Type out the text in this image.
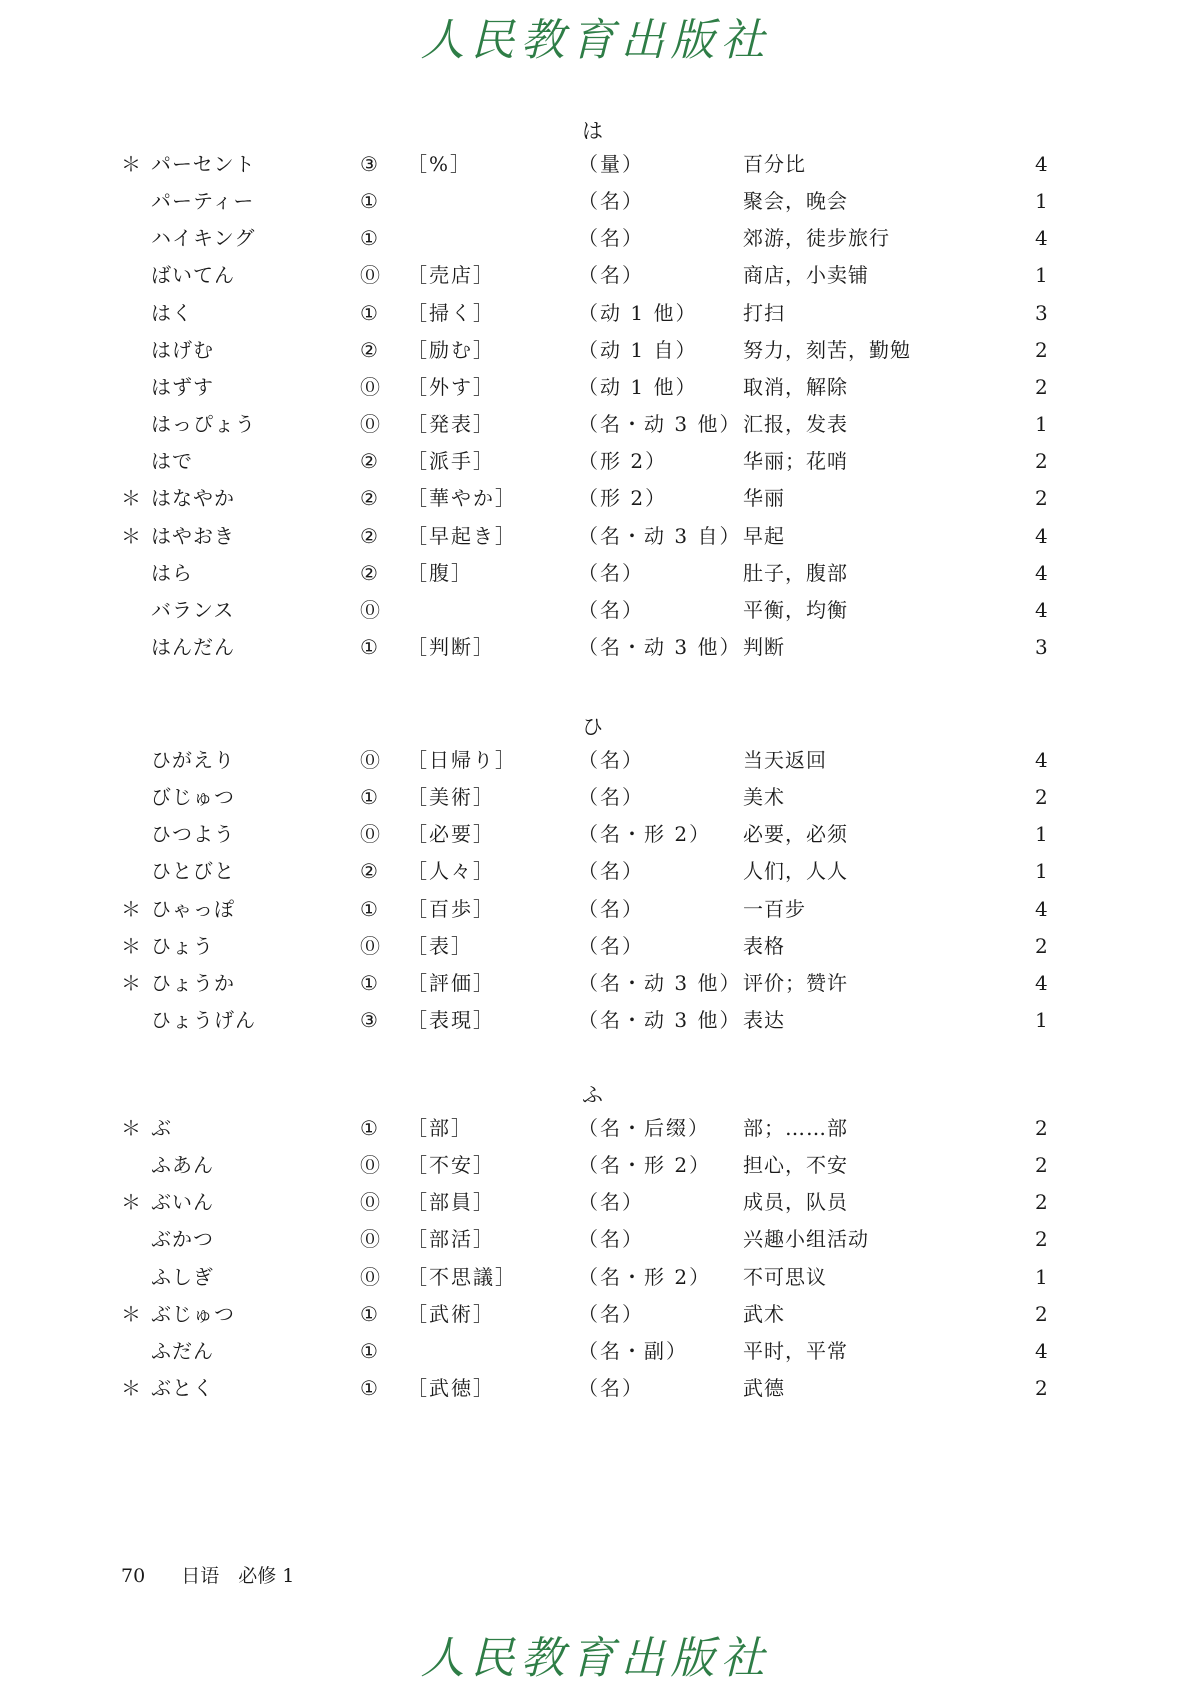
人民教育出版社
は
＊ パーセント	③ ［%］	（量）	百分比	4
パーティー	①	（名）	聚会，晚会	1
ハイキング	①	（名）	郊游，徒步旅行	4
ばいてん	⓪ ［売店］	（名）	商店，小卖铺	1
はく	① ［掃く］	（动 1 他） 打扫	3
はげむ	② ［励む］	（动 1 自） 努力，刻苦，勤勉	2
はずす	⓪ ［外す］	（动 1 他） 取消，解除	2
はっぴょう	⓪ ［発表］	（名・动 3 他） 汇报，发表	1
はで	② ［派手］	（形 2）	华丽；花哨	2
＊ はなやか	② ［華やか］	（形 2）	华丽	2
＊ はやおき	② ［早起き］	（名・动 3 自） 早起	4
はら	② ［腹］	（名）	肚子，腹部	4
バランス	⓪	（名）	平衡，均衡	4
はんだん	① ［判断］	（名・动 3 他） 判断	3
ひ
ひがえり	⓪ ［日帰り］	（名）	当天返回	4
びじゅつ	① ［美術］	（名）	美术	2
ひつよう	⓪ ［必要］	（名・形 2） 必要，必须	1
ひとびと	② ［人々］	（名）	人们，人人	1
＊ ひゃっぽ	① ［百歩］	（名）	一百步	4
＊ ひょう	⓪ ［表］	（名）	表格	2
＊ ひょうか	① ［評価］	（名・动 3 他） 评价；赞许	4
ひょうげん	③ ［表現］	（名・动 3 他） 表达	1
ふ
＊ ぶ	① ［部］	（名・后缀） 部；……部	2
ふあん	⓪ ［不安］	（名・形 2） 担心，不安	2
＊ ぶいん	⓪ ［部員］	（名）	成员，队员	2
ぶかつ	⓪ ［部活］	（名）	兴趣小组活动	2
ふしぎ	⓪ ［不思議］	（名・形 2） 不可思议	1
＊ ぶじゅつ	① ［武術］	（名）	武术	2
ふだん	①	（名・副）	平时，平常	4
＊ ぶとく	① ［武徳］	（名）	武德	2
70 日语　必修 1
人民教育出版社
